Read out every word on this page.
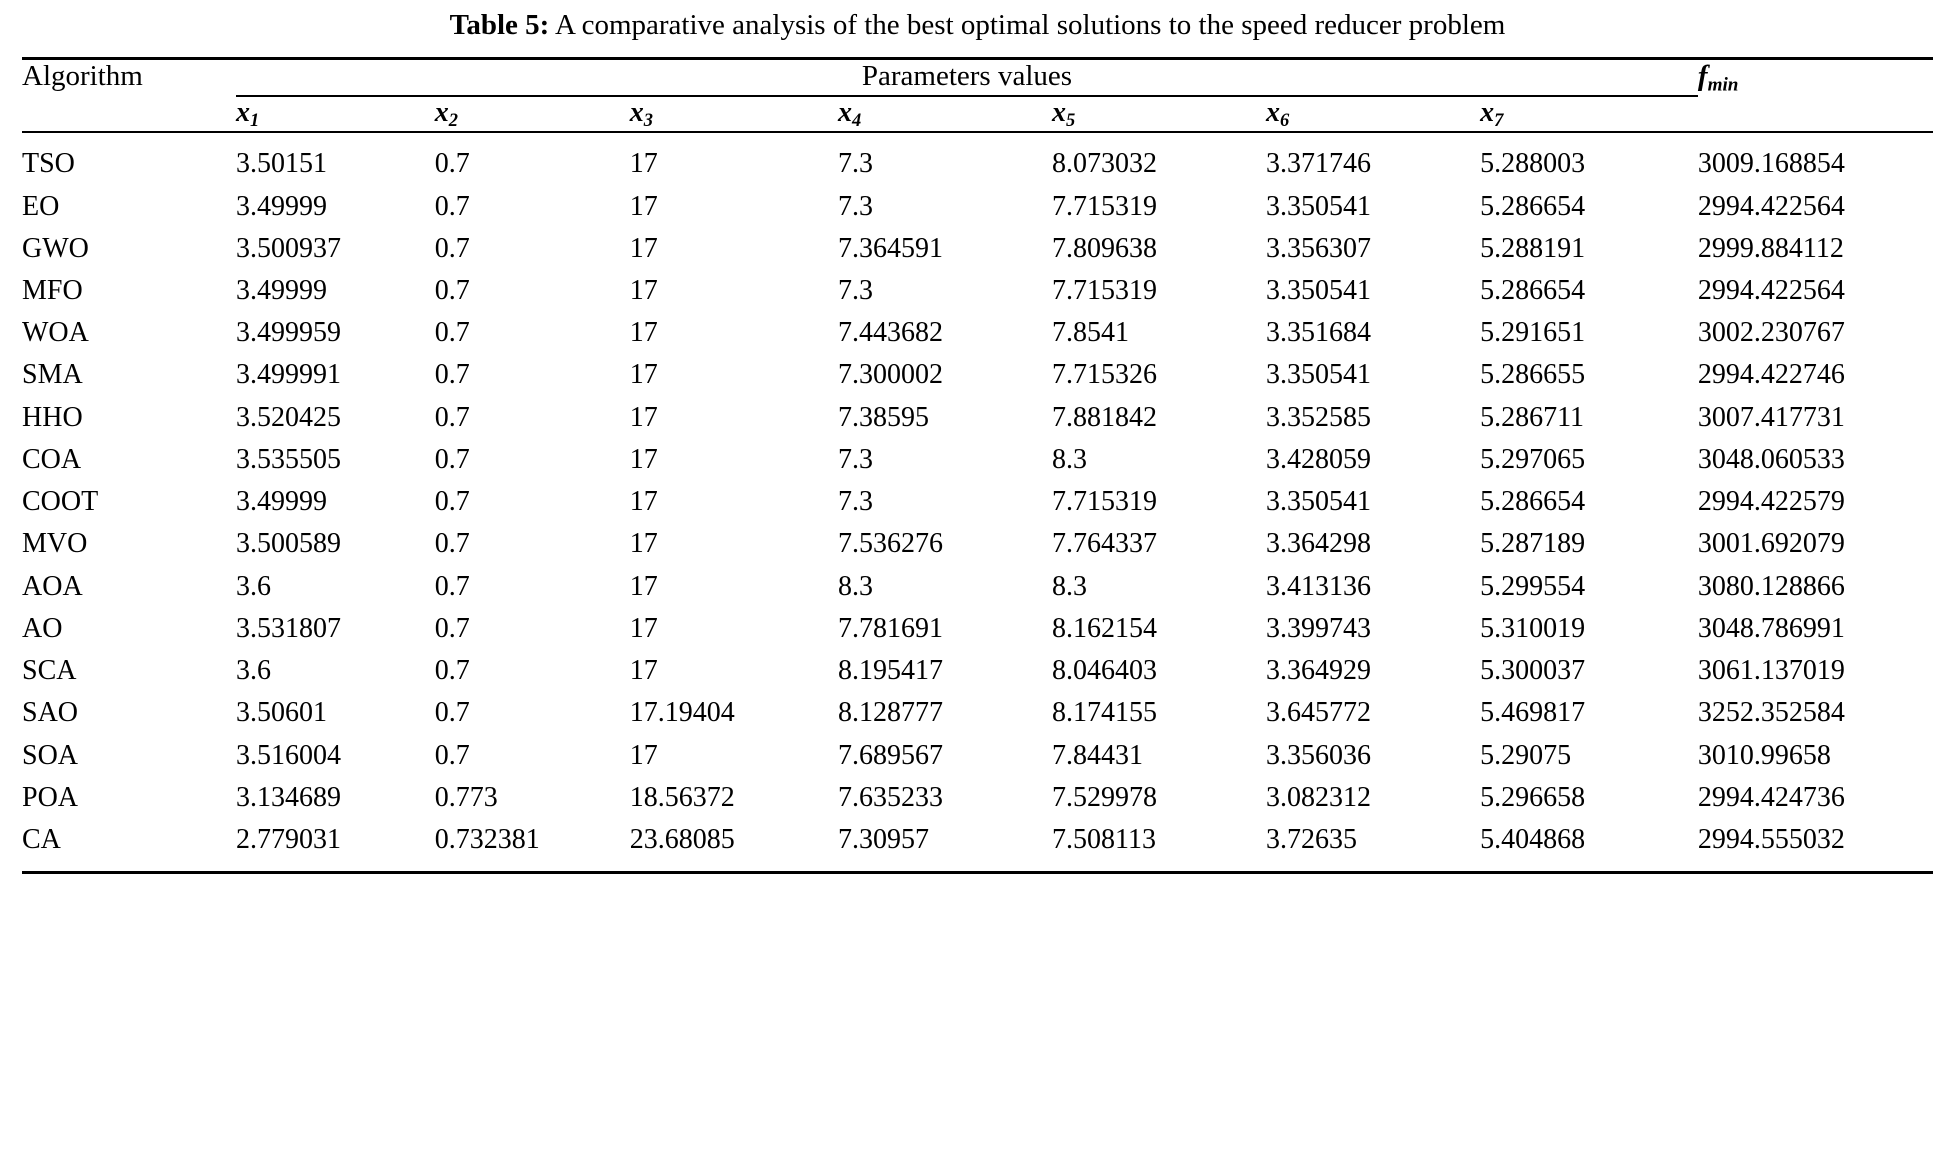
Table 5: A comparative analysis of the best optimal solutions to the speed reducer problem

Algorithm	Parameters values							$f_{min}$

	$x_1$	$x_2$	$x_3$	$x_4$	$x_5$	$x_6$	$x_7$	

TSO	3.50151	0.7	17	7.3	8.073032	3.371746	5.288003	3009.168854
EO	3.49999	0.7	17	7.3	7.715319	3.350541	5.286654	2994.422564
GWO	3.500937	0.7	17	7.364591	7.809638	3.356307	5.288191	2999.884112
MFO	3.49999	0.7	17	7.3	7.715319	3.350541	5.286654	2994.422564
WOA	3.499959	0.7	17	7.443682	7.8541	3.351684	5.291651	3002.230767
SMA	3.499991	0.7	17	7.300002	7.715326	3.350541	5.286655	2994.422746
HHO	3.520425	0.7	17	7.38595	7.881842	3.352585	5.286711	3007.417731
COA	3.535505	0.7	17	7.3	8.3	3.428059	5.297065	3048.060533
COOT	3.49999	0.7	17	7.3	7.715319	3.350541	5.286654	2994.422579
MVO	3.500589	0.7	17	7.536276	7.764337	3.364298	5.287189	3001.692079
AOA	3.6	0.7	17	8.3	8.3	3.413136	5.299554	3080.128866
AO	3.531807	0.7	17	7.781691	8.162154	3.399743	5.310019	3048.786991
SCA	3.6	0.7	17	8.195417	8.046403	3.364929	5.300037	3061.137019
SAO	3.50601	0.7	17.19404	8.128777	8.174155	3.645772	5.469817	3252.352584
SOA	3.516004	0.7	17	7.689567	7.84431	3.356036	5.29075	3010.99658
POA	3.134689	0.773	18.56372	7.635233	7.529978	3.082312	5.296658	2994.424736
CA	2.779031	0.732381	23.68085	7.30957	7.508113	3.72635	5.404868	2994.555032
